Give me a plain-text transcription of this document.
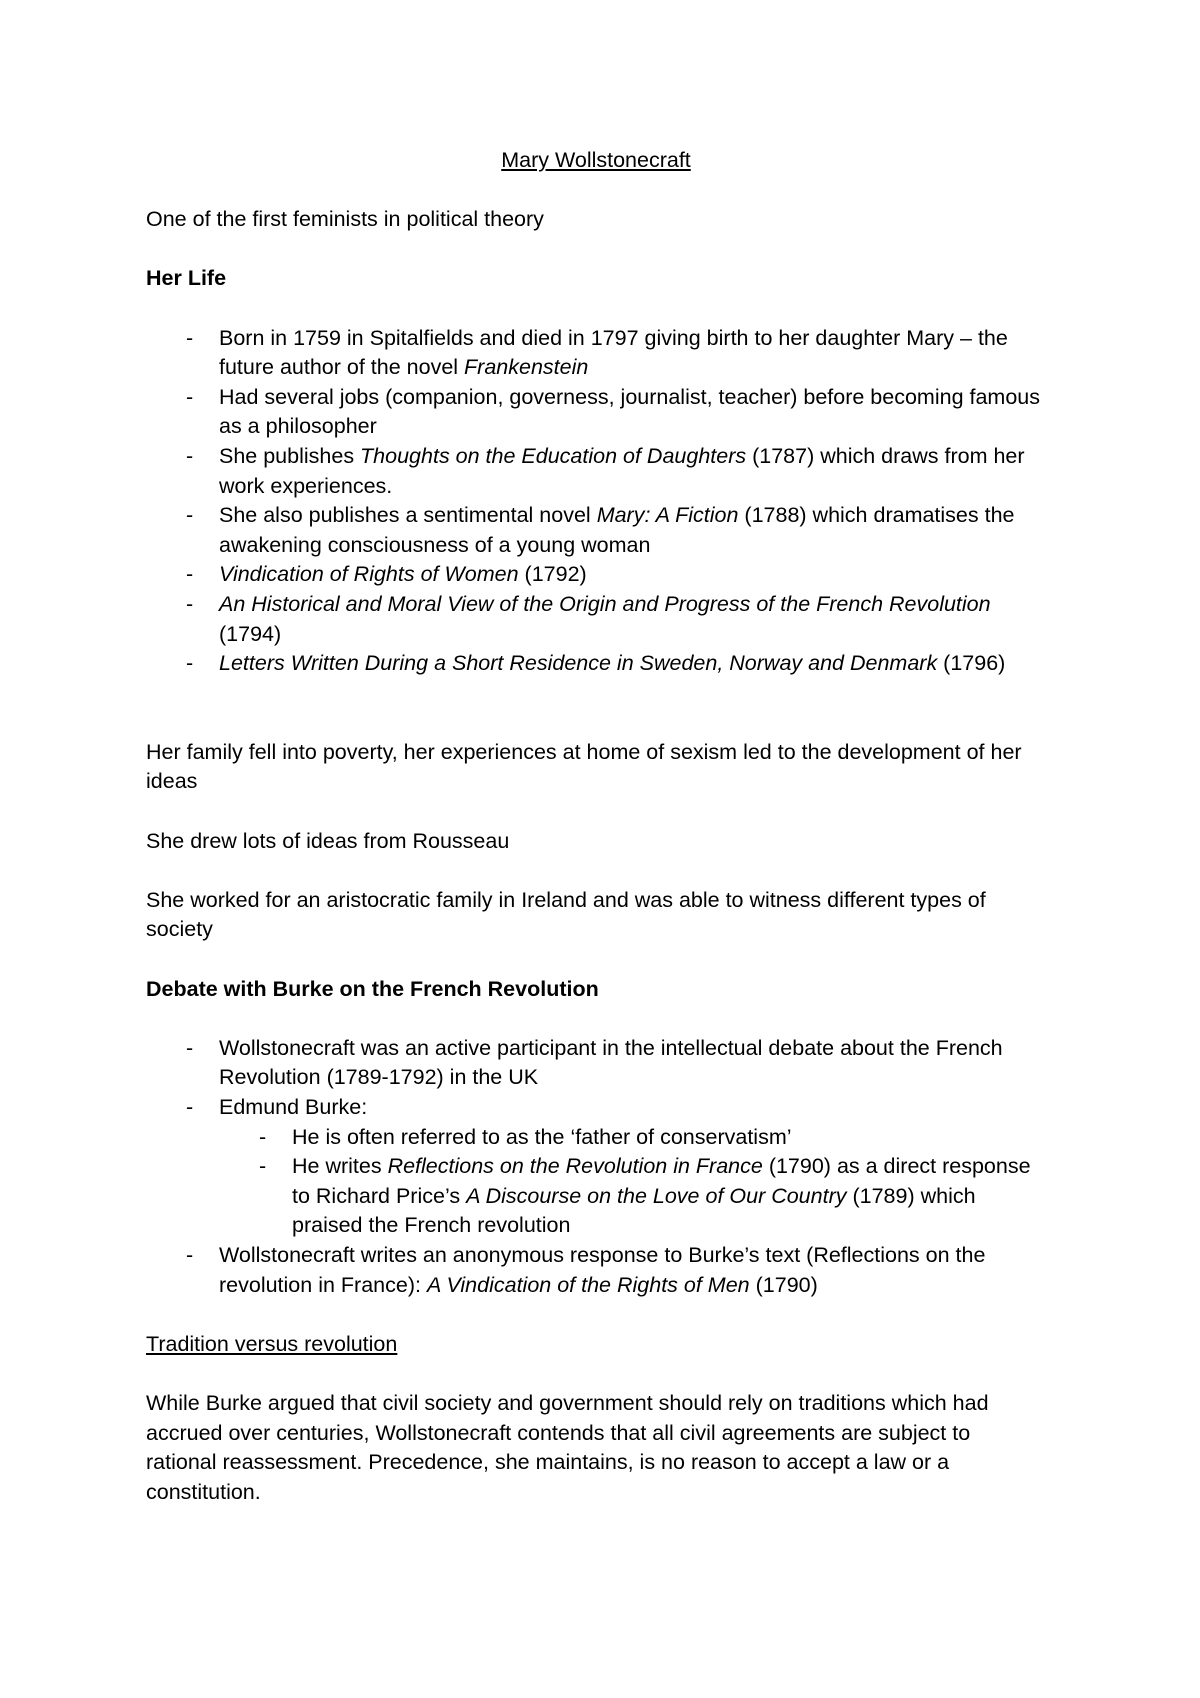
Mary Wollstonecraft

One of the first feminists in political theory

Her Life
- Born in 1759 in Spitalfields and died in 1797 giving birth to her daughter Mary – the future author of the novel Frankenstein
- Had several jobs (companion, governess, journalist, teacher) before becoming famous as a philosopher
- She publishes Thoughts on the Education of Daughters (1787) which draws from her work experiences.
- She also publishes a sentimental novel Mary: A Fiction (1788) which dramatises the awakening consciousness of a young woman
- Vindication of Rights of Women (1792)
- An Historical and Moral View of the Origin and Progress of the French Revolution (1794)
- Letters Written During a Short Residence in Sweden, Norway and Denmark (1796)

Her family fell into poverty, her experiences at home of sexism led to the development of her ideas

She drew lots of ideas from Rousseau

She worked for an aristocratic family in Ireland and was able to witness different types of society

Debate with Burke on the French Revolution
- Wollstonecraft was an active participant in the intellectual debate about the French Revolution (1789-1792) in the UK
- Edmund Burke:
- He is often referred to as the ‘father of conservatism’
- He writes Reflections on the Revolution in France (1790) as a direct response to Richard Price’s A Discourse on the Love of Our Country (1789) which praised the French revolution
- Wollstonecraft writes an anonymous response to Burke’s text (Reflections on the revolution in France): A Vindication of the Rights of Men (1790)
Tradition versus revolution

While Burke argued that civil society and government should rely on traditions which had accrued over centuries, Wollstonecraft contends that all civil agreements are subject to rational reassessment. Precedence, she maintains, is no reason to accept a law or a constitution.
